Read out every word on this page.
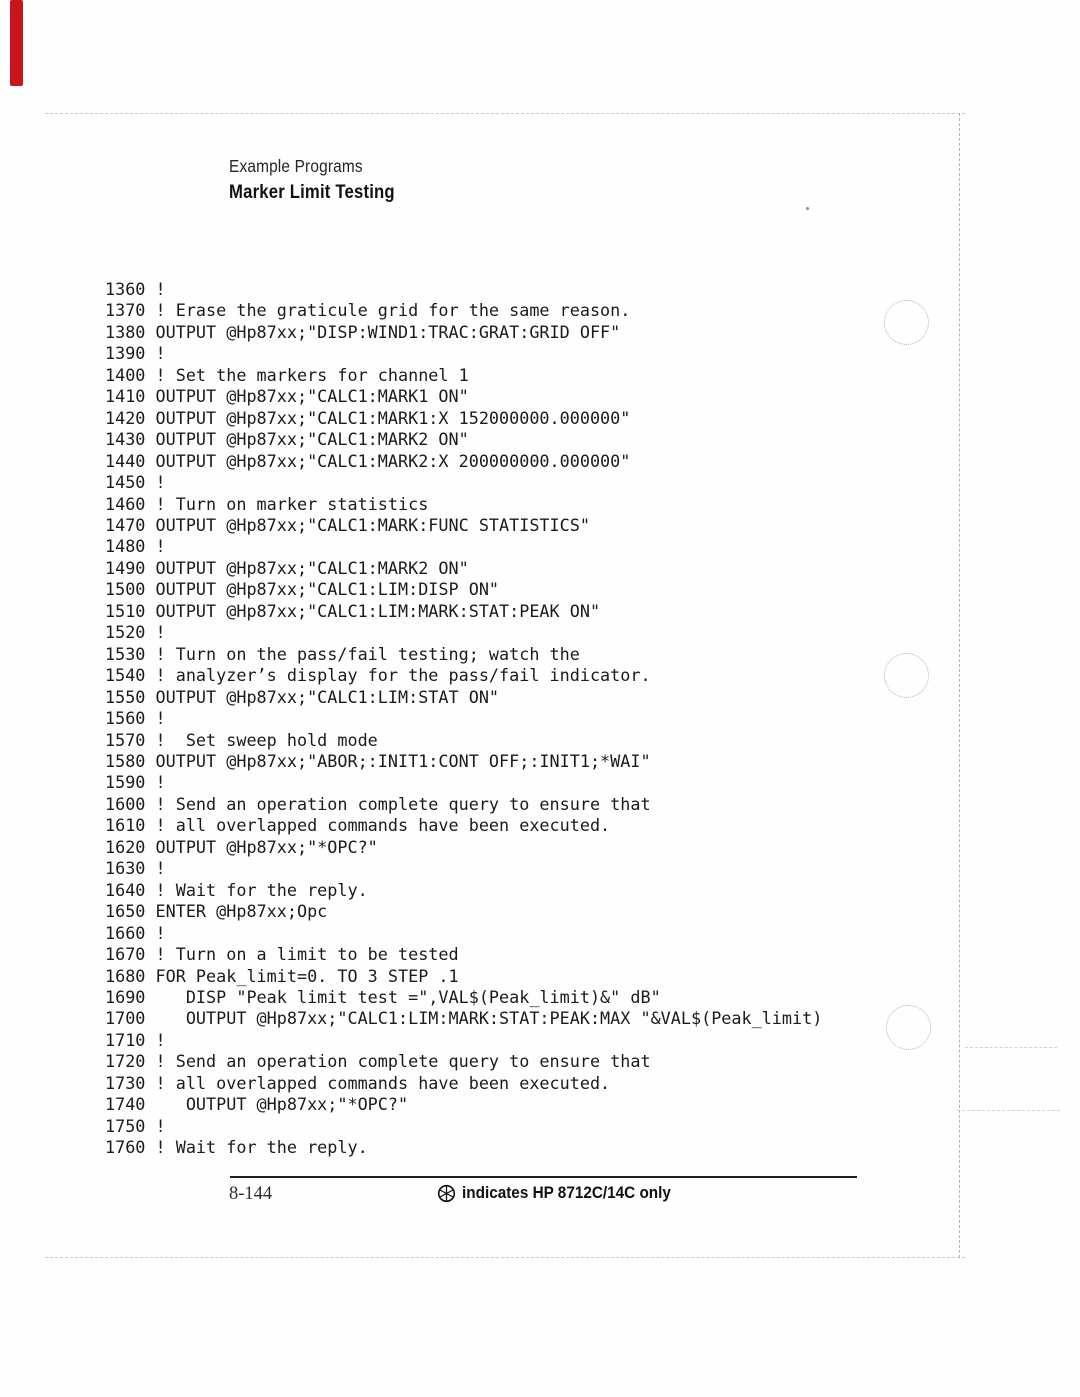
Example Programs
Marker Limit Testing
1360 !
1370 ! Erase the graticule grid for the same reason.
1380 OUTPUT @Hp87xx;"DISP:WIND1:TRAC:GRAT:GRID OFF"
1390 !
1400 ! Set the markers for channel 1
1410 OUTPUT @Hp87xx;"CALC1:MARK1 ON"
1420 OUTPUT @Hp87xx;"CALC1:MARK1:X 152000000.000000"
1430 OUTPUT @Hp87xx;"CALC1:MARK2 ON"
1440 OUTPUT @Hp87xx;"CALC1:MARK2:X 200000000.000000"
1450 !
1460 ! Turn on marker statistics
1470 OUTPUT @Hp87xx;"CALC1:MARK:FUNC STATISTICS"
1480 !
1490 OUTPUT @Hp87xx;"CALC1:MARK2 ON"
1500 OUTPUT @Hp87xx;"CALC1:LIM:DISP ON"
1510 OUTPUT @Hp87xx;"CALC1:LIM:MARK:STAT:PEAK ON"
1520 !
1530 ! Turn on the pass/fail testing; watch the
1540 ! analyzer’s display for the pass/fail indicator.
1550 OUTPUT @Hp87xx;"CALC1:LIM:STAT ON"
1560 !
1570 !  Set sweep hold mode
1580 OUTPUT @Hp87xx;"ABOR;:INIT1:CONT OFF;:INIT1;*WAI"
1590 !
1600 ! Send an operation complete query to ensure that
1610 ! all overlapped commands have been executed.
1620 OUTPUT @Hp87xx;"*OPC?"
1630 !
1640 ! Wait for the reply.
1650 ENTER @Hp87xx;Opc
1660 !
1670 ! Turn on a limit to be tested
1680 FOR Peak_limit=0. TO 3 STEP .1
1690    DISP "Peak limit test =",VAL$(Peak_limit)&" dB"
1700    OUTPUT @Hp87xx;"CALC1:LIM:MARK:STAT:PEAK:MAX "&VAL$(Peak_limit)
1710 !
1720 ! Send an operation complete query to ensure that
1730 ! all overlapped commands have been executed.
1740    OUTPUT @Hp87xx;"*OPC?"
1750 !
1760 ! Wait for the reply.
8-144	indicates HP 8712C/14C only
